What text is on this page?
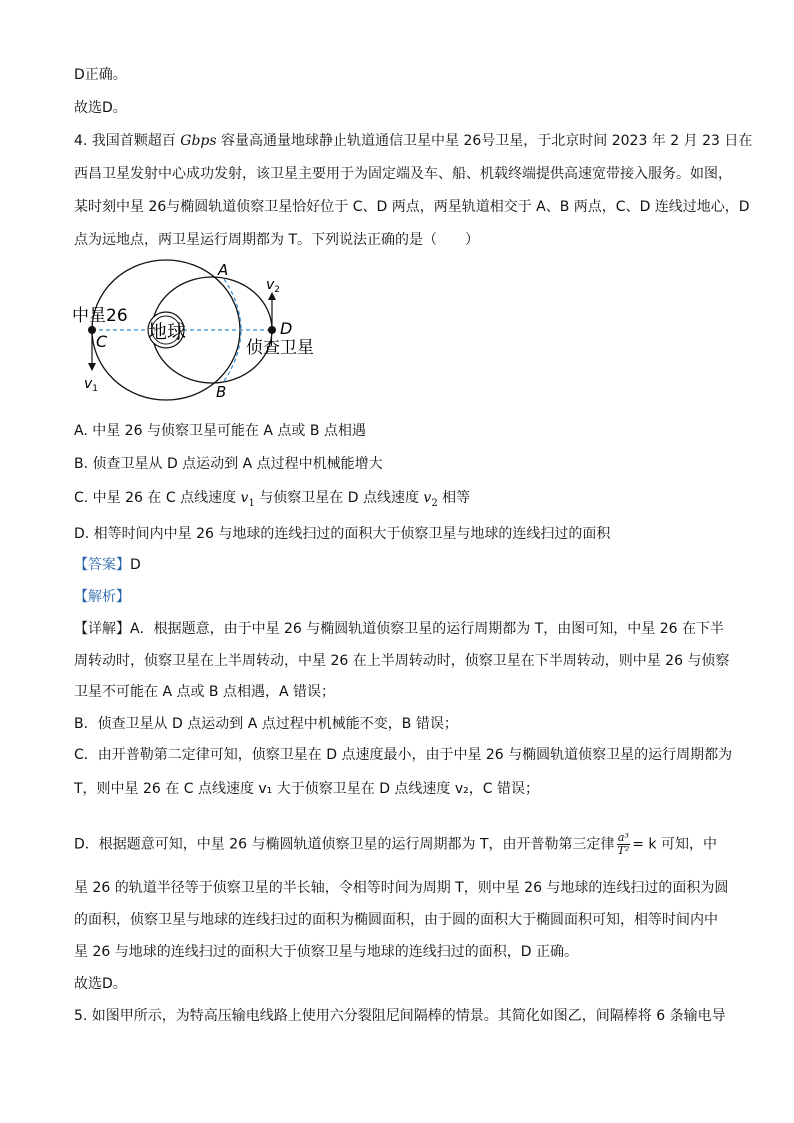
D正确。
故选D。
4. 我国首颗超百 Gbps 容量高通量地球静止轨道通信卫星中星 26号卫星，于北京时间 2023 年 2 月 23 日在
西昌卫星发射中心成功发射，该卫星主要用于为固定端及车、船、机载终端提供高速宽带接入服务。如图，
某时刻中星 26与椭圆轨道侦察卫星恰好位于 C、D 两点，两星轨道相交于 A、B 两点，C、D 连线过地心，D
点为远地点，两卫星运行周期都为 T。下列说法正确的是（　　）
地球
中星26
C
D
A
B
侦查卫星
$v_1$
$v_2$
A. 中星 26 与侦察卫星可能在 A 点或 B 点相遇
B. 侦查卫星从 D 点运动到 A 点过程中机械能增大
C. 中星 26 在 C 点线速度 $v_1$ 与侦察卫星在 D 点线速度 $v_2$ 相等
D. 相等时间内中星 26 与地球的连线扫过的面积大于侦察卫星与地球的连线扫过的面积
【答案】D
【解析】
【详解】A．根据题意，由于中星 26 与椭圆轨道侦察卫星的运行周期都为 T，由图可知，中星 26 在下半
周转动时，侦察卫星在上半周转动，中星 26 在上半周转动时，侦察卫星在下半周转动，则中星 26 与侦察
卫星不可能在 A 点或 B 点相遇，A 错误；
B．侦查卫星从 D 点运动到 A 点过程中机械能不变，B 错误；
C．由开普勒第二定律可知，侦察卫星在 D 点速度最小，由于中星 26 与椭圆轨道侦察卫星的运行周期都为
T，则中星 26 在 C 点线速度 v₁ 大于侦察卫星在 D 点线速度 v₂，C 错误；
D．根据题意可知，中星 26 与椭圆轨道侦察卫星的运行周期都为 T，由开普勒第三定律 $\frac{\text{a³}}{\text{T²}} = k$ 可知，中
星 26 的轨道半径等于侦察卫星的半长轴，令相等时间为周期 T，则中星 26 与地球的连线扫过的面积为圆
的面积，侦察卫星与地球的连线扫过的面积为椭圆面积，由于圆的面积大于椭圆面积可知，相等时间内中
星 26 与地球的连线扫过的面积大于侦察卫星与地球的连线扫过的面积，D 正确。
故选D。
5. 如图甲所示，为特高压输电线路上使用六分裂阻尼间隔棒的情景。其简化如图乙，间隔棒将 6 条输电导
